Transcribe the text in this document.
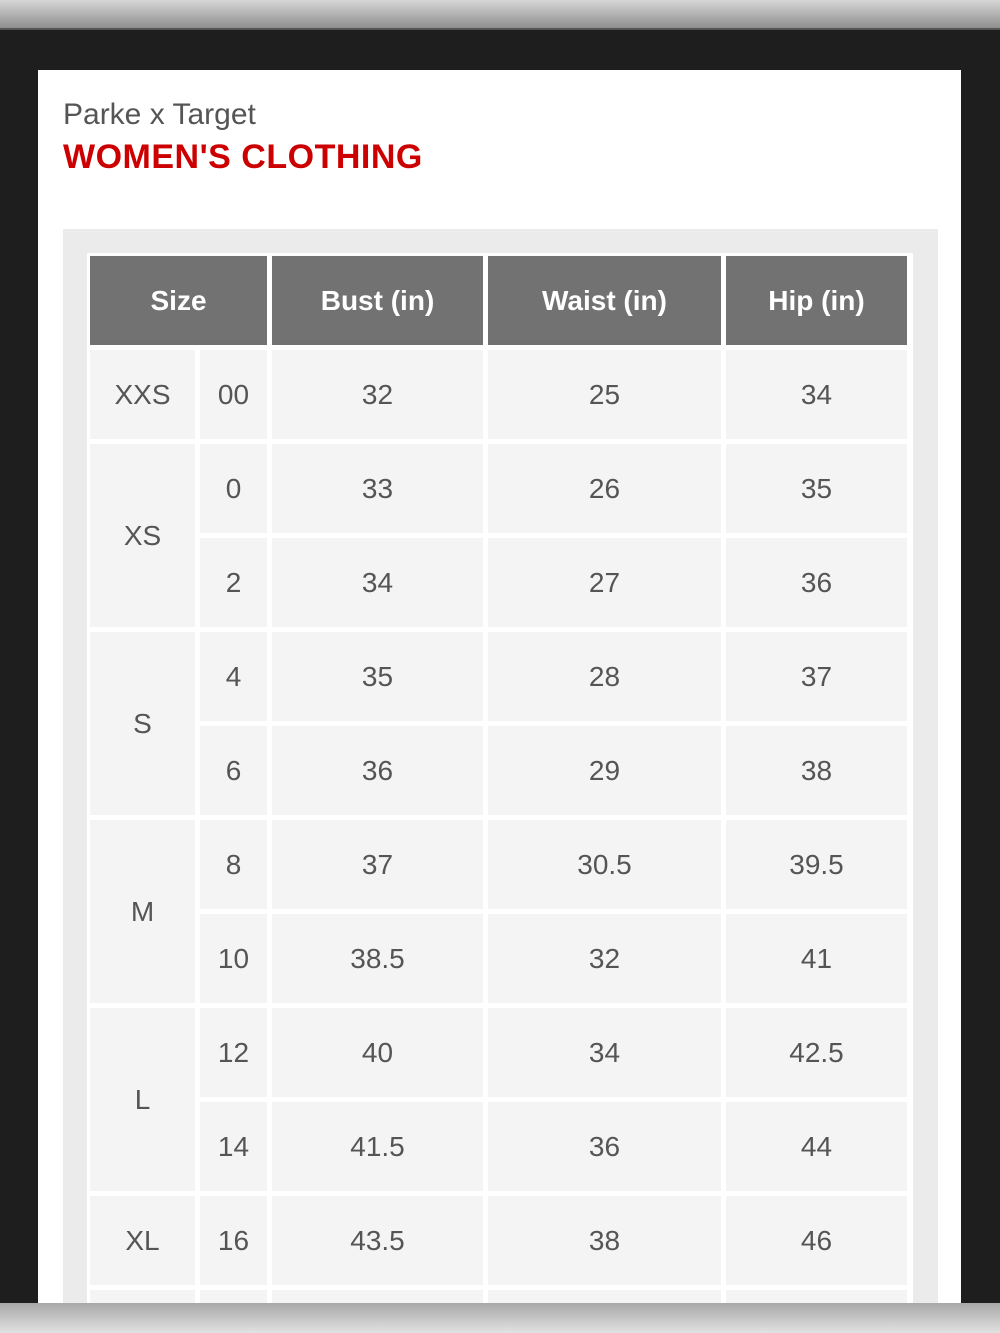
Parke x Target
WOMEN'S CLOTHING
Size		Bust (in)	Waist (in)	Hip (in)
XXS	00	32	25	34
XS	0	33	26	35
	2	34	27	36
S	4	35	28	37
	6	36	29	38
M	8	37	30.5	39.5
	10	38.5	32	41
L	12	40	34	42.5
	14	41.5	36	44
XL	16	43.5	38	46
